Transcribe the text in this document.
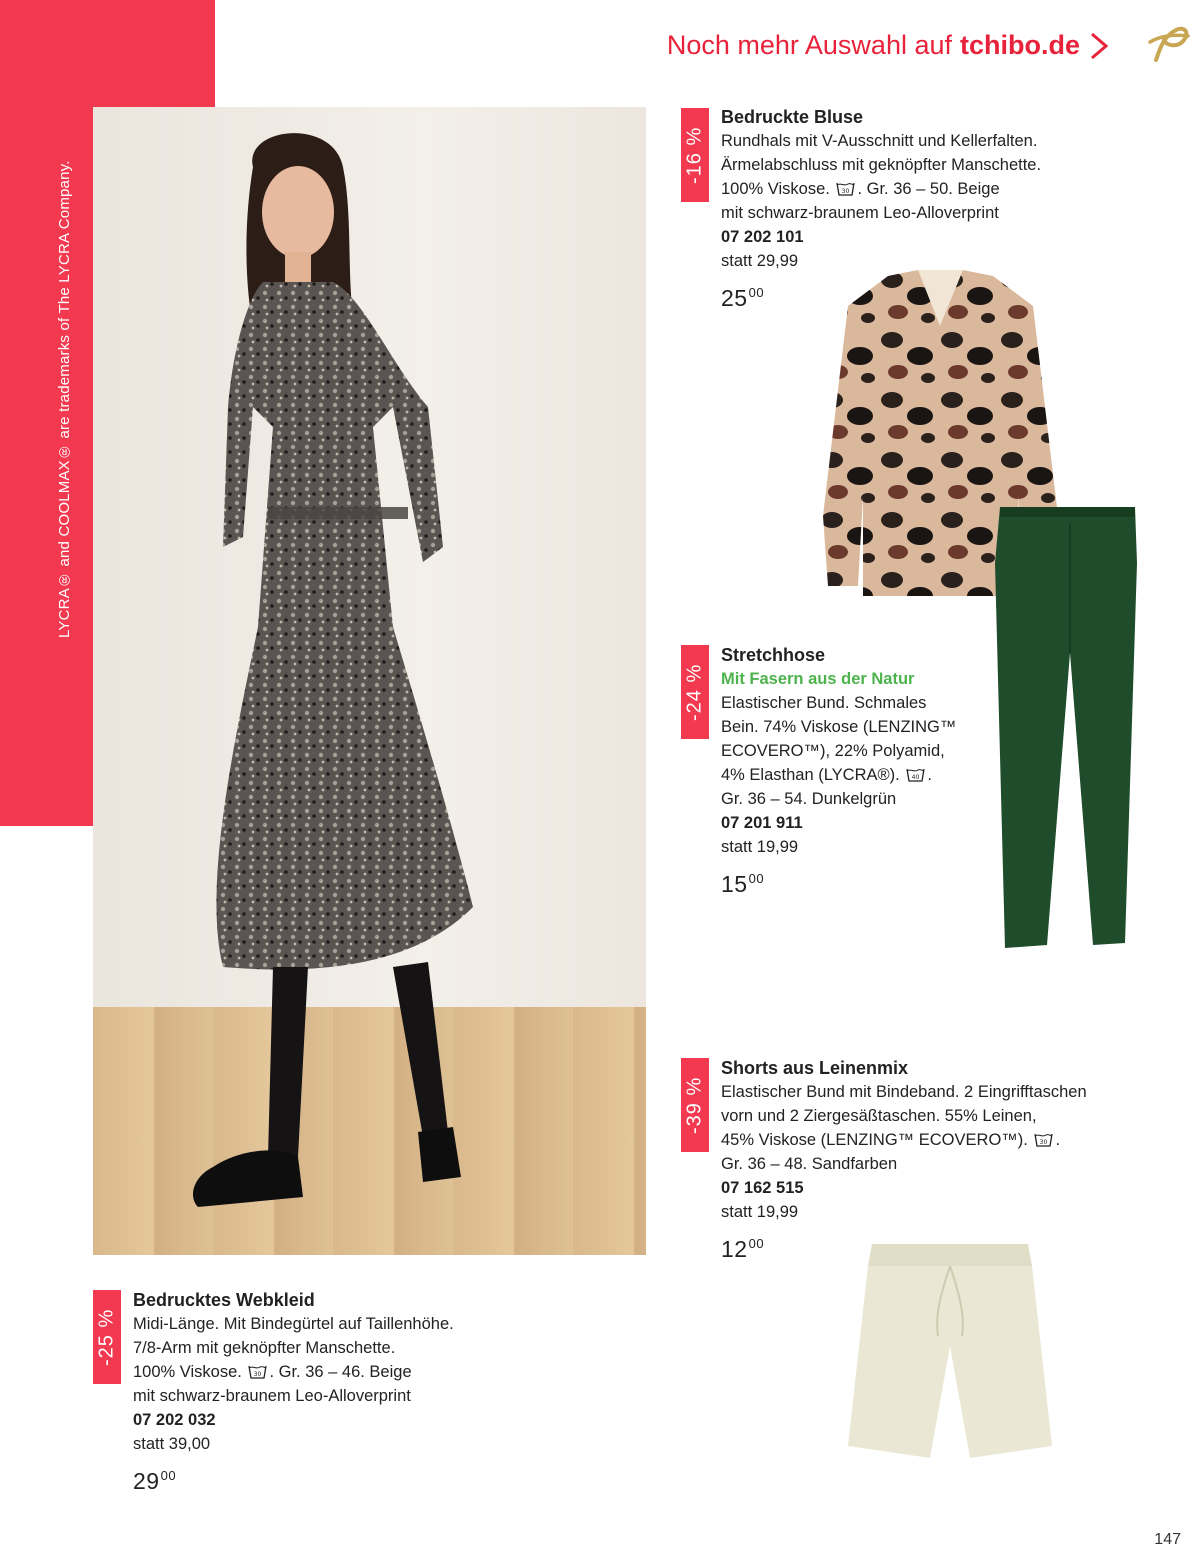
LYCRA® and COOLMAX® are trademarks of The LYCRA Company.
Noch mehr Auswahl auf tchibo.de
-16 %
Bedruckte Bluse
Rundhals mit V-Ausschnitt und Kellerfalten.
Ärmelabschluss mit geknöpfter Manschette.
100% Viskose. 30 . Gr. 36 – 50. Beige
mit schwarz-braunem Leo-Alloverprint
07 202 101
statt 29,99
$25^{00}$
-24 %
Stretchhose
Mit Fasern aus der Natur
Elastischer Bund. Schmales
Bein. 74% Viskose (LENZING™
ECOVERO™), 22% Polyamid,
4% Elasthan (LYCRA®). 40 .
Gr. 36 – 54. Dunkelgrün
07 201 911
statt 19,99
$15^{00}$
-39 %
Shorts aus Leinenmix
Elastischer Bund mit Bindeband. 2 Eingrifftaschen
vorn und 2 Ziergesäßtaschen. 55% Leinen,
45% Viskose (LENZING™ ECOVERO™). 30 .
Gr. 36 – 48. Sandfarben
07 162 515
statt 19,99
$12^{00}$
-25 %
Bedrucktes Webkleid
Midi-Länge. Mit Bindegürtel auf Taillenhöhe.
7/8-Arm mit geknöpfter Manschette.
100% Viskose. 30 . Gr. 36 – 46. Beige
mit schwarz-braunem Leo-Alloverprint
07 202 032
statt 39,00
$29^{00}$
147
